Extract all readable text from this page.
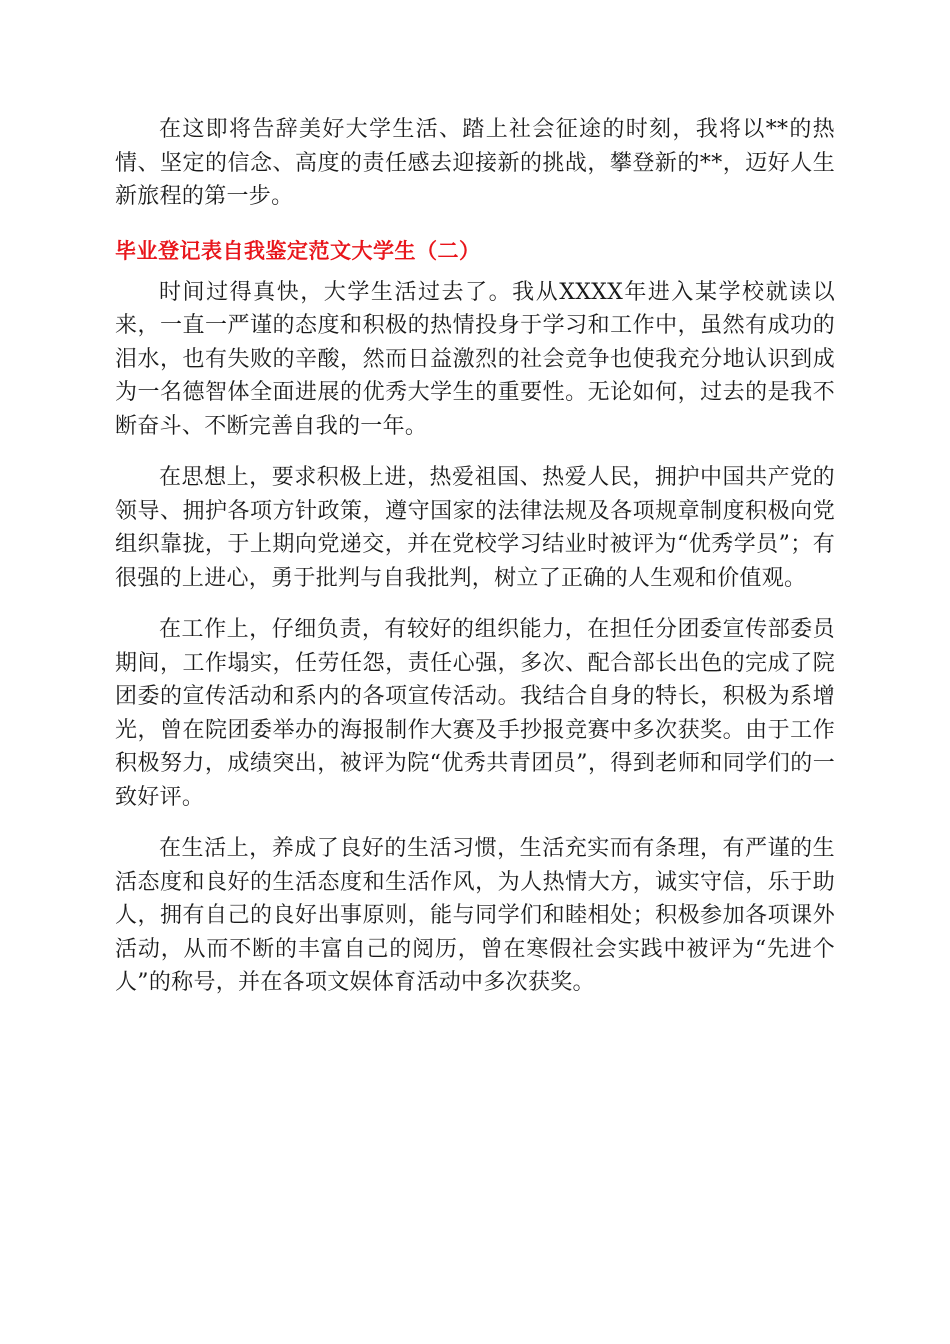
在这即将告辞美好大学生活、踏上社会征途的时刻，我将以**的热情、坚定的信念、高度的责任感去迎接新的挑战，攀登新的**，迈好人生新旅程的第一步。

毕业登记表自我鉴定范文大学生（二）

时间过得真快，大学生活过去了。我从XXXX年进入某学校就读以来，一直一严谨的态度和积极的热情投身于学习和工作中，虽然有成功的泪水，也有失败的辛酸，然而日益激烈的社会竞争也使我充分地认识到成为一名德智体全面进展的优秀大学生的重要性。无论如何，过去的是我不断奋斗、不断完善自我的一年。

在思想上，要求积极上进，热爱祖国、热爱人民，拥护中国共产党的领导、拥护各项方针政策，遵守国家的法律法规及各项规章制度积极向党组织靠拢，于上期向党递交，并在党校学习结业时被评为“优秀学员”；有很强的上进心，勇于批判与自我批判，树立了正确的人生观和价值观。

在工作上，仔细负责，有较好的组织能力，在担任分团委宣传部委员期间，工作塌实，任劳任怨，责任心强，多次、配合部长出色的完成了院团委的宣传活动和系内的各项宣传活动。我结合自身的特长，积极为系增光，曾在院团委举办的海报制作大赛及手抄报竞赛中多次获奖。由于工作积极努力，成绩突出，被评为院“优秀共青团员”，得到老师和同学们的一致好评。

在生活上，养成了良好的生活习惯，生活充实而有条理，有严谨的生活态度和良好的生活态度和生活作风，为人热情大方，诚实守信，乐于助人，拥有自己的良好出事原则，能与同学们和睦相处；积极参加各项课外活动，从而不断的丰富自己的阅历，曾在寒假社会实践中被评为“先进个人”的称号，并在各项文娱体育活动中多次获奖。
